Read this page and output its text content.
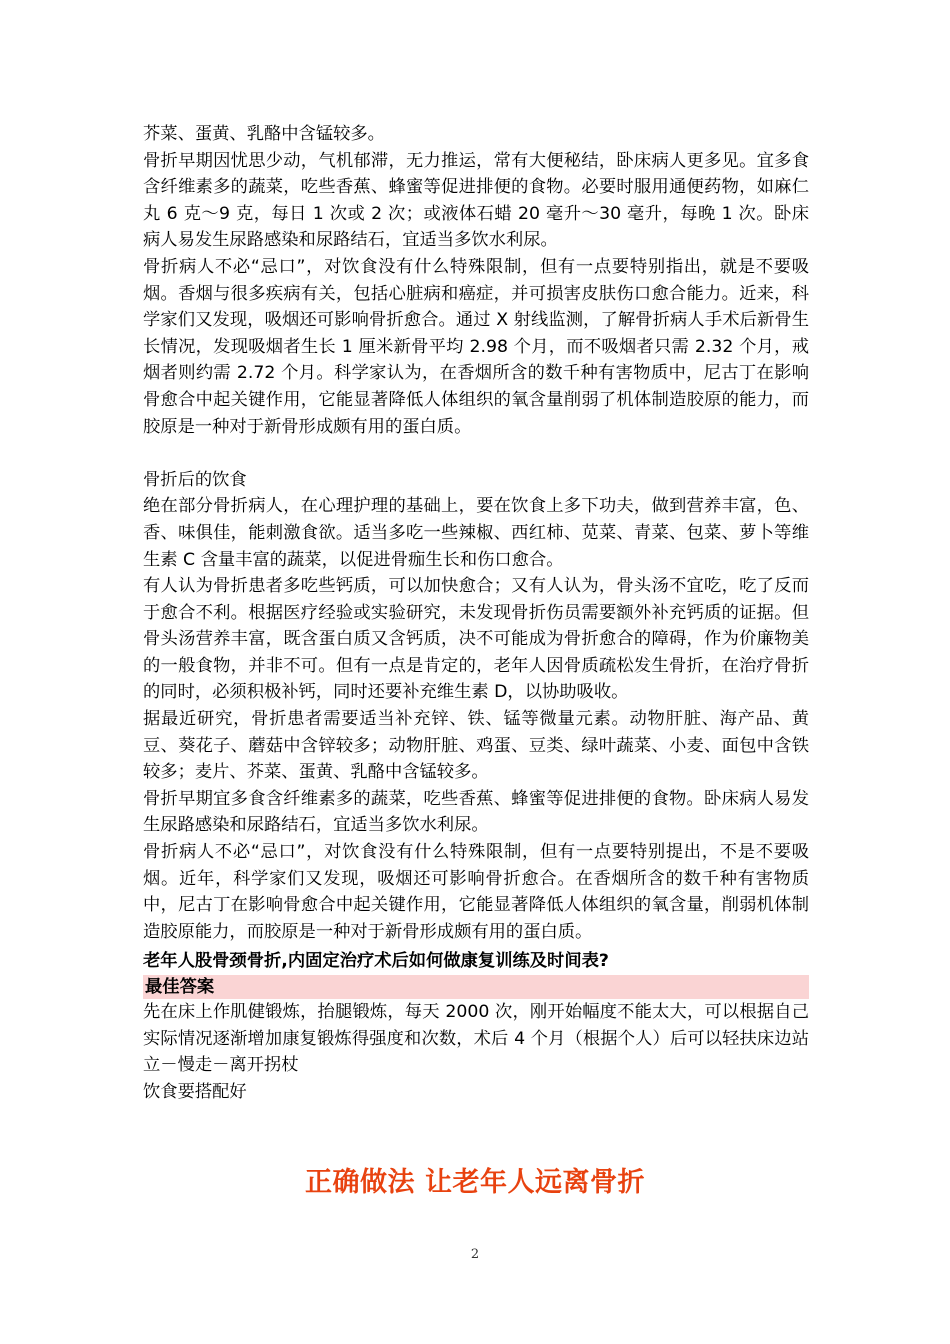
芥菜、蛋黄、乳酪中含锰较多。

骨折早期因忧思少动，气机郁滞，无力推运，常有大便秘结，卧床病人更多见。宜多食含纤维素多的蔬菜，吃些香蕉、蜂蜜等促进排便的食物。必要时服用通便药物，如麻仁丸 6 克～9 克，每日 1 次或 2 次；或液体石蜡 20 毫升～30 毫升，每晚 1 次。卧床病人易发生尿路感染和尿路结石，宜适当多饮水利尿。

骨折病人不必“忌口”，对饮食没有什么特殊限制，但有一点要特别指出，就是不要吸烟。香烟与很多疾病有关，包括心脏病和癌症，并可损害皮肤伤口愈合能力。近来，科学家们又发现，吸烟还可影响骨折愈合。通过 X 射线监测，了解骨折病人手术后新骨生长情况，发现吸烟者生长 1 厘米新骨平均 2.98 个月，而不吸烟者只需 2.32 个月，戒烟者则约需 2.72 个月。科学家认为，在香烟所含的数千种有害物质中，尼古丁在影响骨愈合中起关键作用，它能显著降低人体组织的氧含量削弱了机体制造胶原的能力，而胶原是一种对于新骨形成颇有用的蛋白质。

骨折后的饮食

绝在部分骨折病人，在心理护理的基础上，要在饮食上多下功夫，做到营养丰富，色、香、味俱佳，能刺激食欲。适当多吃一些辣椒、西红柿、苋菜、青菜、包菜、萝卜等维生素 C 含量丰富的蔬菜，以促进骨痂生长和伤口愈合。

有人认为骨折患者多吃些钙质，可以加快愈合；又有人认为，骨头汤不宜吃，吃了反而于愈合不利。根据医疗经验或实验研究，未发现骨折伤员需要额外补充钙质的证据。但骨头汤营养丰富，既含蛋白质又含钙质，决不可能成为骨折愈合的障碍，作为价廉物美的一般食物，并非不可。但有一点是肯定的，老年人因骨质疏松发生骨折，在治疗骨折的同时，必须积极补钙，同时还要补充维生素 D，以协助吸收。

据最近研究，骨折患者需要适当补充锌、铁、锰等微量元素。动物肝脏、海产品、黄豆、葵花子、蘑菇中含锌较多；动物肝脏、鸡蛋、豆类、绿叶蔬菜、小麦、面包中含铁较多；麦片、芥菜、蛋黄、乳酪中含锰较多。

骨折早期宜多食含纤维素多的蔬菜，吃些香蕉、蜂蜜等促进排便的食物。卧床病人易发生尿路感染和尿路结石，宜适当多饮水利尿。

骨折病人不必“忌口”，对饮食没有什么特殊限制，但有一点要特别提出，不是不要吸烟。近年，科学家们又发现，吸烟还可影响骨折愈合。在香烟所含的数千种有害物质中，尼古丁在影响骨愈合中起关键作用，它能显著降低人体组织的氧含量，削弱机体制造胶原能力，而胶原是一种对于新骨形成颇有用的蛋白质。

老年人股骨颈骨折,内固定治疗术后如何做康复训练及时间表?

最佳答案

先在床上作肌健锻炼，抬腿锻炼，每天 2000 次，刚开始幅度不能太大，可以根据自己实际情况逐渐增加康复锻炼得强度和次数，术后 4 个月（根据个人）后可以轻扶床边站立－慢走－离开拐杖

饮食要搭配好

正确做法 让老年人远离骨折

2
